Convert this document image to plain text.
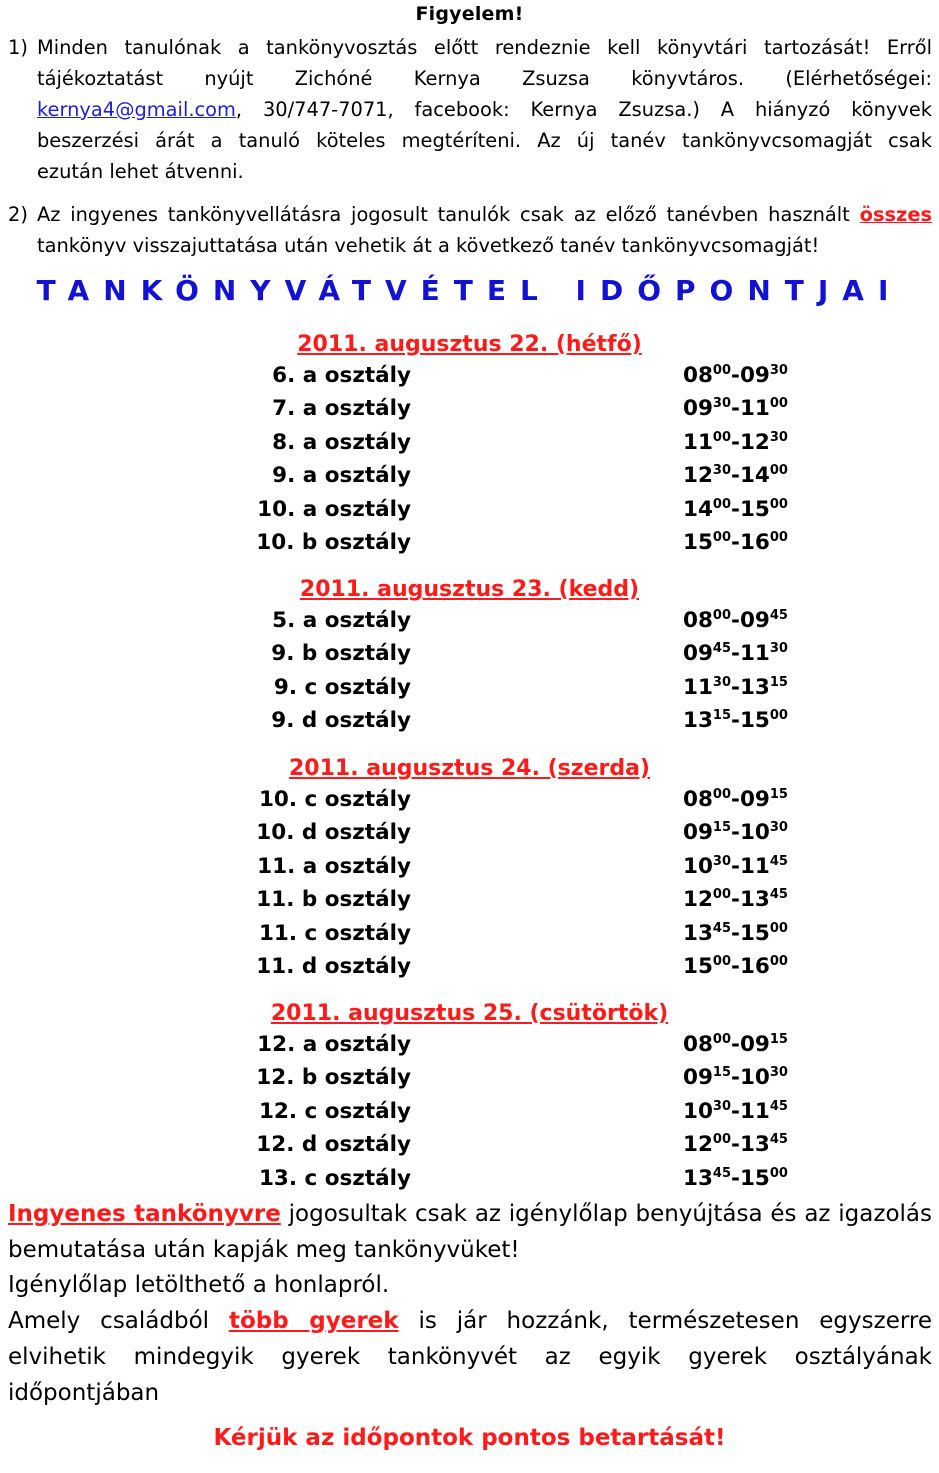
Figyelem!
1) Minden tanulónak a tankönyvosztás előtt rendeznie kell könyvtári tartozását! Erről
tájékoztatást nyújt Zichóné Kernya Zsuzsa könyvtáros. (Elérhetőségei:
kernya4@gmail.com, 30/747-7071, facebook: Kernya Zsuzsa.) A hiányzó könyvek
beszerzési árát a tanuló köteles megtéríteni. Az új tanév tankönyvcsomagját csak
ezután lehet átvenni.
2) Az ingyenes tankönyvellátásra jogosult tanulók csak az előző tanévben használt összes
tankönyv visszajuttatása után vehetik át a következő tanév tankönyvcsomagját!
TANKÖNYVÁTVÉTEL IDŐPONTJAI
2011. augusztus 22. (hétfő)
6. a osztály	$08^{00}-09^{30}$
7. a osztály	$09^{30}-11^{00}$
8. a osztály	$11^{00}-12^{30}$
9. a osztály	$12^{30}-14^{00}$
10. a osztály	$14^{00}-15^{00}$
10. b osztály	$15^{00}-16^{00}$
2011. augusztus 23. (kedd)
5. a osztály	$08^{00}-09^{45}$
9. b osztály	$09^{45}-11^{30}$
9. c osztály	$11^{30}-13^{15}$
9. d osztály	$13^{15}-15^{00}$
2011. augusztus 24. (szerda)
10. c osztály	$08^{00}-09^{15}$
10. d osztály	$09^{15}-10^{30}$
11. a osztály	$10^{30}-11^{45}$
11. b osztály	$12^{00}-13^{45}$
11. c osztály	$13^{45}-15^{00}$
11. d osztály	$15^{00}-16^{00}$
2011. augusztus 25. (csütörtök)
12. a osztály	$08^{00}-09^{15}$
12. b osztály	$09^{15}-10^{30}$
12. c osztály	$10^{30}-11^{45}$
12. d osztály	$12^{00}-13^{45}$
13. c osztály	$13^{45}-15^{00}$
Ingyenes tankönyvre jogosultak csak az igénylőlap benyújtása és az igazolás
bemutatása után kapják meg tankönyvüket!
Igénylőlap letölthető a honlapról.
Amely családból több gyerek is jár hozzánk, természetesen egyszerre
elvihetik mindegyik gyerek tankönyvét az egyik gyerek osztályának
időpontjában
Kérjük az időpontok pontos betartását!
